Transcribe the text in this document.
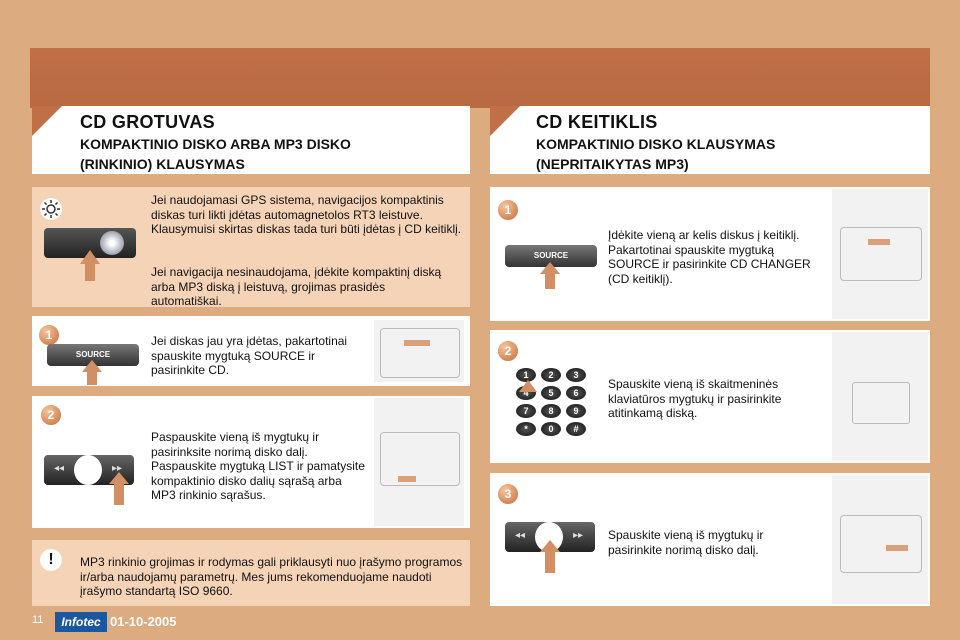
CD GROTUVAS
KOMPAKTINIO DISKO ARBA MP3 DISKO
(RINKINIO) KLAUSYMAS
CD KEITIKLIS
KOMPAKTINIO DISKO KLAUSYMAS
(NEPRITAIKYTAS MP3)
Jei naudojamasi GPS sistema, navigacijos kompaktinis diskas turi likti įdėtas automagnetolos RT3 leistuve. Klausymuisi skirtas diskas tada turi būti įdėtas į CD keitiklį.
Jei navigacija nesinaudojama, įdėkite kompaktinį diską arba MP3 diską į leistuvą, grojimas prasidės automatiškai.
1
SOURCE
Jei diskas jau yra įdėtas, pakartotinai spauskite mygtuką SOURCE ir pasirinkite CD.
2
◂◂	▸▸
Paspauskite vieną iš mygtukų ir pasirinksite norimą disko dalį. Paspauskite mygtuką LIST ir pamatysite kompaktinio disko dalių sąrašą arba MP3 rinkinio sąrašus.
!	MP3 rinkinio grojimas ir rodymas gali priklausyti nuo įrašymo programos ir/arba naudojamų parametrų. Mes jums rekomenduojame naudoti įrašymo standartą ISO 9660.
1
SOURCE
Įdėkite vieną ar kelis diskus į keitiklį. Pakartotinai spauskite mygtuką SOURCE ir pasirinkite CD CHANGER (CD keitiklį).
2
1	2	3
4	5	6
7	8	9
*	0	#
Spauskite vieną iš skaitmeninės klaviatūros mygtukų ir pasirinkite atitinkamą diską.
3
◂◂	▸▸ Spauskite vieną iš mygtukų ir pasirinkite norimą disko dalį.
11	Infotec 01-10-2005
